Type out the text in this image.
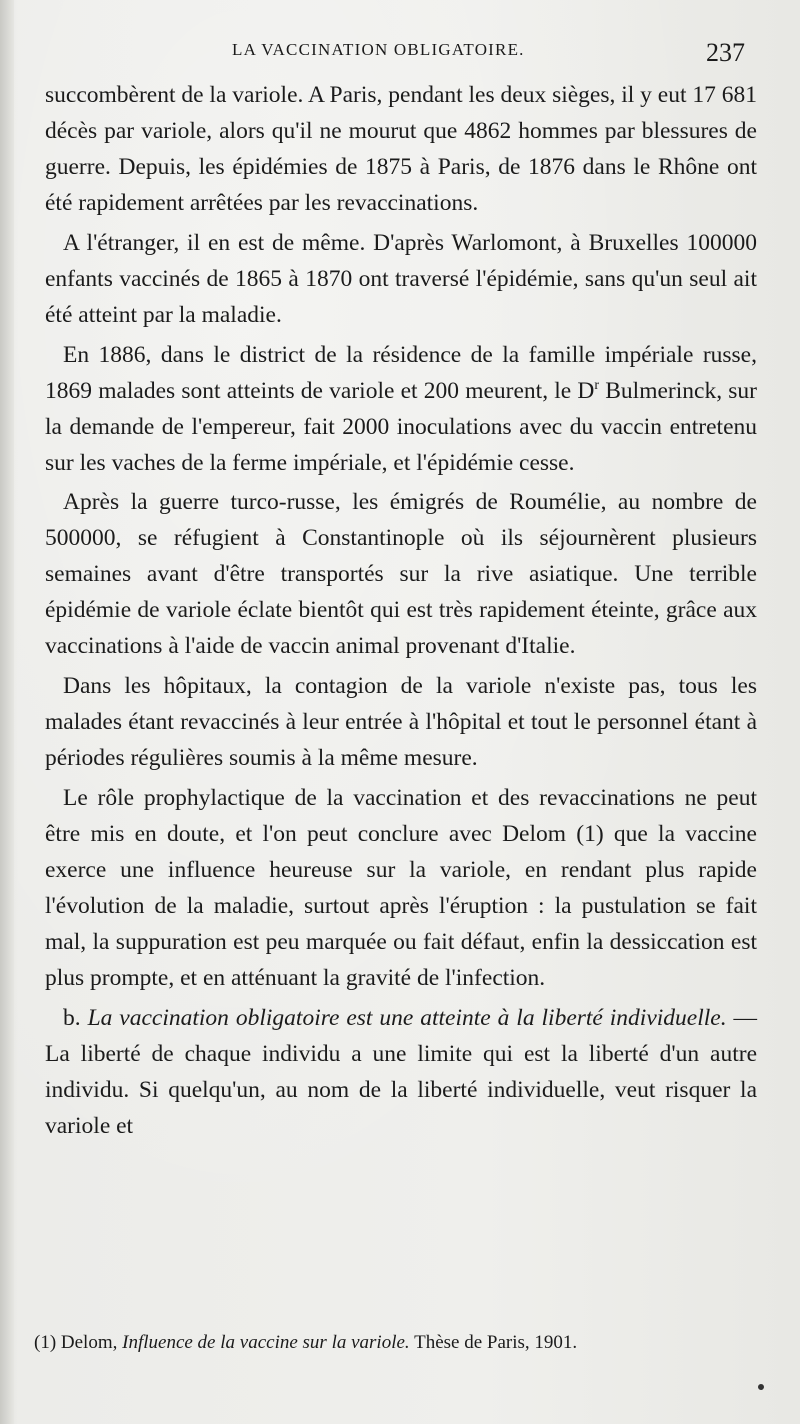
LA VACCINATION OBLIGATOIRE.	237

succombèrent de la variole. A Paris, pendant les deux sièges, il y eut 17 681 décès par variole, alors qu'il ne mourut que 4862 hommes par blessures de guerre. Depuis, les épidémies de 1875 à Paris, de 1876 dans le Rhône ont été rapidement arrêtées par les revaccinations.

A l'étranger, il en est de même. D'après Warlomont, à Bruxelles 100000 enfants vaccinés de 1865 à 1870 ont traversé l'épidémie, sans qu'un seul ait été atteint par la maladie.

En 1886, dans le district de la résidence de la famille impériale russe, 1869 malades sont atteints de variole et 200 meurent, le $D^r$ Bulmerinck, sur la demande de l'empereur, fait 2000 inoculations avec du vaccin entretenu sur les vaches de la ferme impériale, et l'épidémie cesse.

Après la guerre turco-russe, les émigrés de Roumélie, au nombre de 500000, se réfugient à Constantinople où ils séjournèrent plusieurs semaines avant d'être transportés sur la rive asiatique. Une terrible épidémie de variole éclate bientôt qui est très rapidement éteinte, grâce aux vaccinations à l'aide de vaccin animal provenant d'Italie.

Dans les hôpitaux, la contagion de la variole n'existe pas, tous les malades étant revaccinés à leur entrée à l'hôpital et tout le personnel étant à périodes régulières soumis à la même mesure.

Le rôle prophylactique de la vaccination et des revaccinations ne peut être mis en doute, et l'on peut conclure avec Delom (1) que la vaccine exerce une influence heureuse sur la variole, en rendant plus rapide l'évolution de la maladie, surtout après l'éruption : la pustulation se fait mal, la suppuration est peu marquée ou fait défaut, enfin la dessiccation est plus prompte, et en atténuant la gravité de l'infection.

b. La vaccination obligatoire est une atteinte à la liberté individuelle. — La liberté de chaque individu a une limite qui est la liberté d'un autre individu. Si quelqu'un, au nom de la liberté individuelle, veut risquer la variole et

(1) Delom, Influence de la vaccine sur la variole. Thèse de Paris, 1901.
